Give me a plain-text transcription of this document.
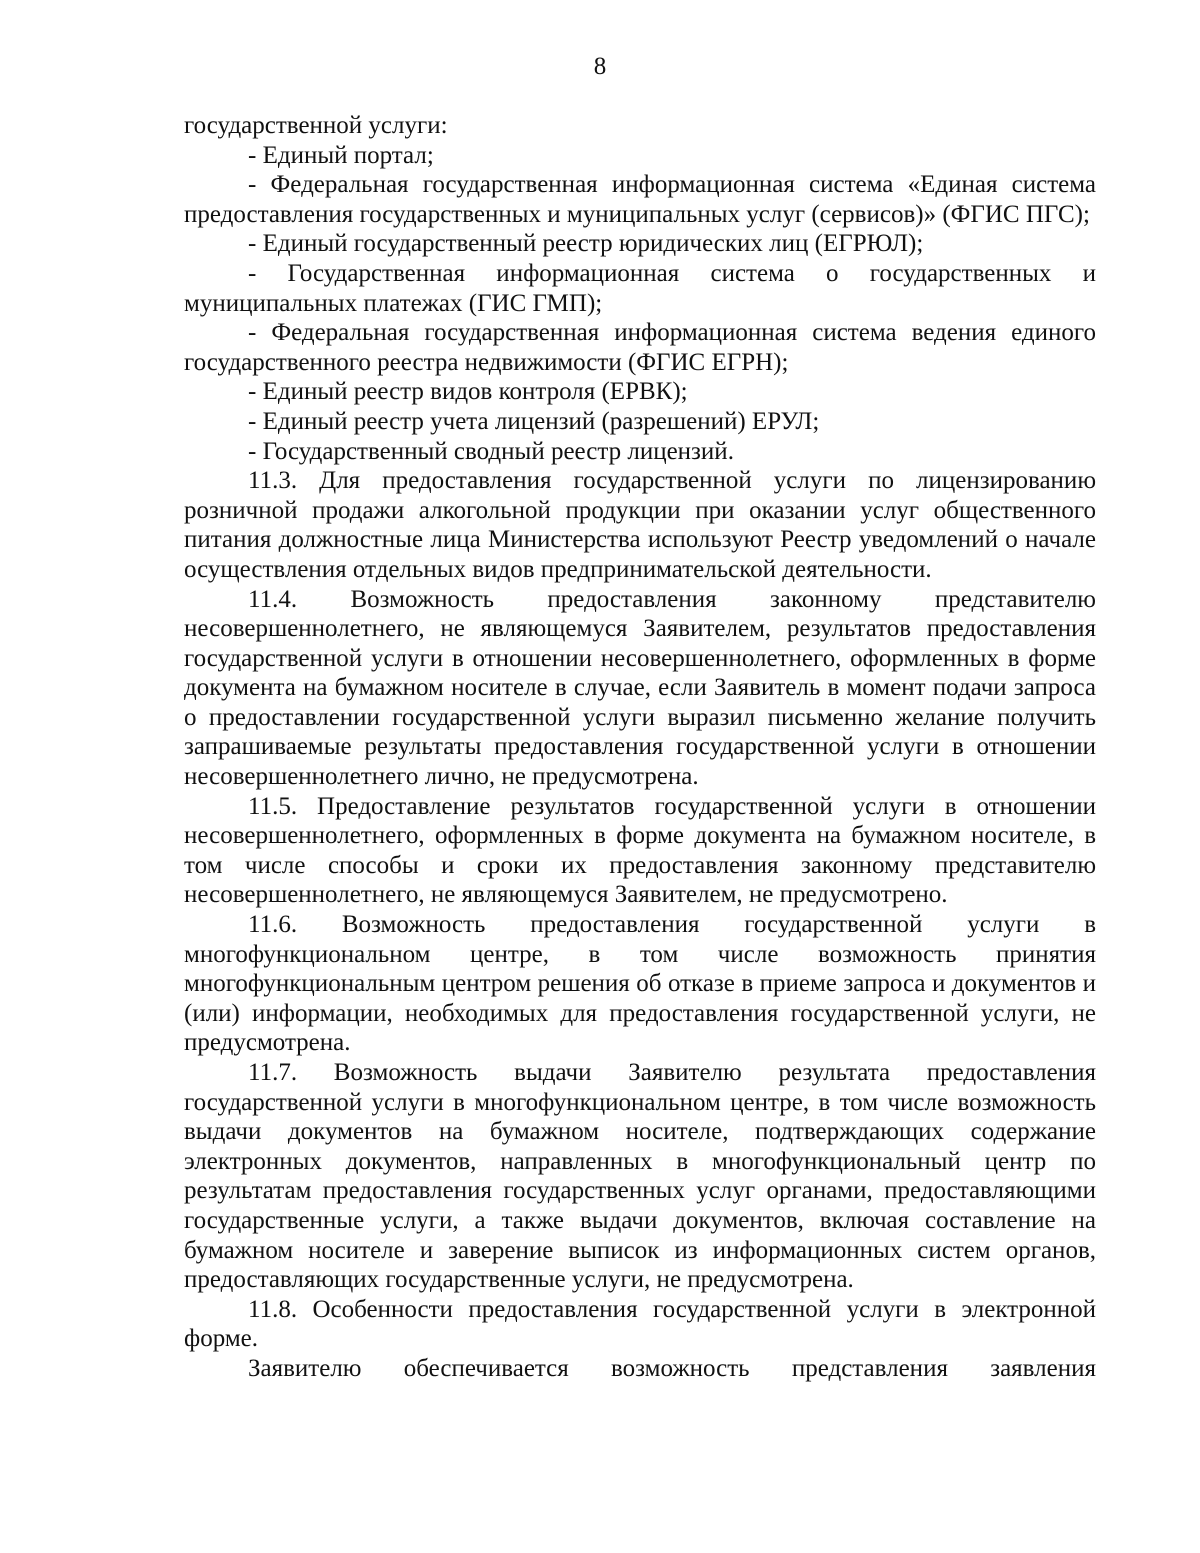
8

государственной услуги:

- Единый портал;

- Федеральная государственная информационная система «Единая система предоставления государственных и муниципальных услуг (сервисов)» (ФГИС ПГС);

- Единый государственный реестр юридических лиц (ЕГРЮЛ);

- Государственная информационная система о государственных и муниципальных платежах (ГИС ГМП);

- Федеральная государственная информационная система ведения единого государственного реестра недвижимости (ФГИС ЕГРН);

- Единый реестр видов контроля (ЕРВК);

- Единый реестр учета лицензий (разрешений) ЕРУЛ;

- Государственный сводный реестр лицензий.

11.3. Для предоставления государственной услуги по лицензированию розничной продажи алкогольной продукции при оказании услуг общественного питания должностные лица Министерства используют Реестр уведомлений о начале осуществления отдельных видов предпринимательской деятельности.

11.4. Возможность предоставления законному представителю несовершеннолетнего, не являющемуся Заявителем, результатов предоставления государственной услуги в отношении несовершеннолетнего, оформленных в форме документа на бумажном носителе в случае, если Заявитель в момент подачи запроса о предоставлении государственной услуги выразил письменно желание получить запрашиваемые результаты предоставления государственной услуги в отношении несовершеннолетнего лично, не предусмотрена.

11.5. Предоставление результатов государственной услуги в отношении несовершеннолетнего, оформленных в форме документа на бумажном носителе, в том числе способы и сроки их предоставления законному представителю несовершеннолетнего, не являющемуся Заявителем, не предусмотрено.

11.6. Возможность предоставления государственной услуги в многофункциональном центре, в том числе возможность принятия многофункциональным центром решения об отказе в приеме запроса и документов и (или) информации, необходимых для предоставления государственной услуги, не предусмотрена.

11.7. Возможность выдачи Заявителю результата предоставления государственной услуги в многофункциональном центре, в том числе возможность выдачи документов на бумажном носителе, подтверждающих содержание электронных документов, направленных в многофункциональный центр по результатам предоставления государственных услуг органами, предоставляющими государственные услуги, а также выдачи документов, включая составление на бумажном носителе и заверение выписок из информационных систем органов, предоставляющих государственные услуги, не предусмотрена.

11.8. Особенности предоставления государственной услуги в электронной форме.

Заявителю обеспечивается возможность представления заявления
